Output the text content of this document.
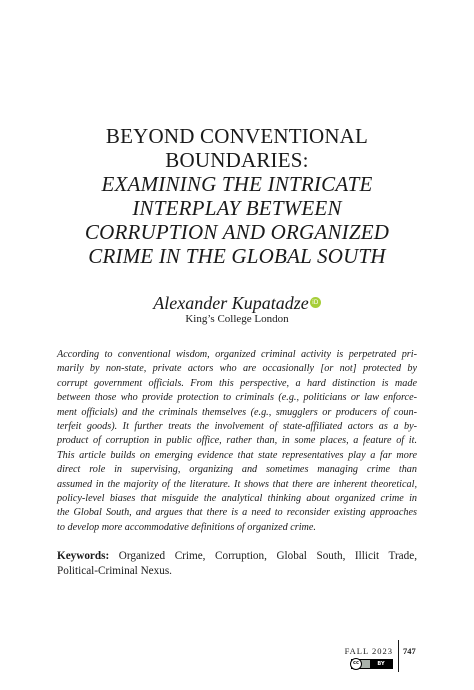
BEYOND CONVENTIONAL
BOUNDARIES:
EXAMINING THE INTRICATE
INTERPLAY BETWEEN
CORRUPTION AND ORGANIZED
CRIME IN THE GLOBAL SOUTH
Alexander Kupatadze iD
King’s College London
According to conventional wisdom, organized criminal activity is perpetrated pri-
marily by non-state, private actors who are occasionally [or not] protected by
corrupt government officials. From this perspective, a hard distinction is made
between those who provide protection to criminals (e.g., politicians or law enforce-
ment officials) and the criminals themselves (e.g., smugglers or producers of coun-
terfeit goods). It further treats the involvement of state-affiliated actors as a by-
product of corruption in public office, rather than, in some places, a feature of it.
This article builds on emerging evidence that state representatives play a far more
direct role in supervising, organizing and sometimes managing crime than
assumed in the majority of the literature. It shows that there are inherent theoretical,
policy-level biases that misguide the analytical thinking about organized crime in
the Global South, and argues that there is a need to reconsider existing approaches
to develop more accommodative definitions of organized crime.
Keywords: Organized Crime, Corruption, Global South, Illicit Trade,
Political-Criminal Nexus.
FALL 2023 747
cc	BY
